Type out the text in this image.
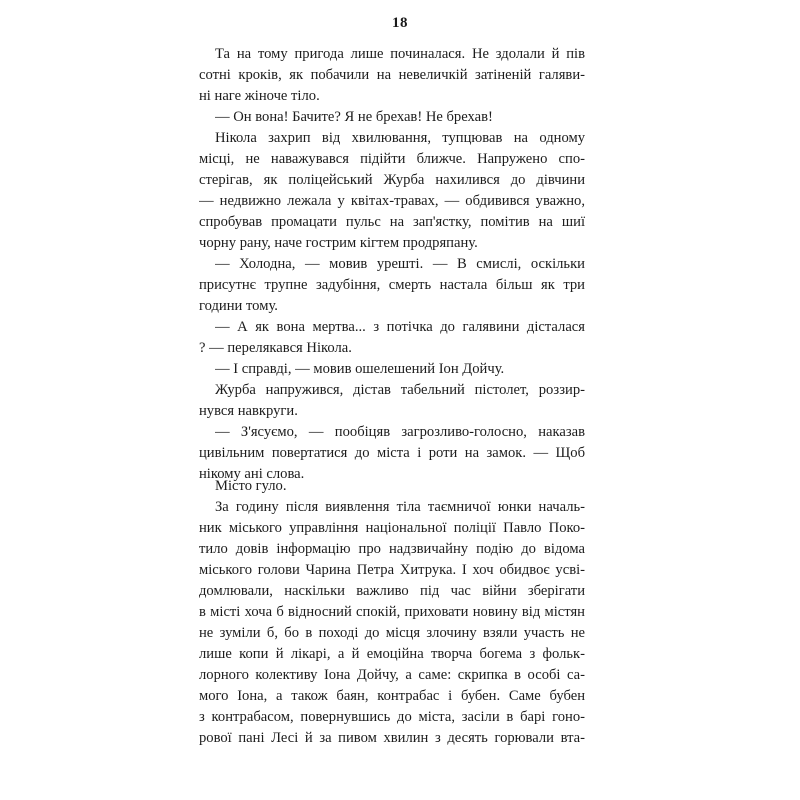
18
Та на тому пригода лише починалася. Не здолали й пів
сотні кроків, як побачили на невеличкій затіненій галяви-
ні наге жіноче тіло.
— Он вона! Бачите? Я не брехав! Не брехав!
Нікола захрип від хвилювання, тупцював на одному
місці, не наважувався підійти ближче. Напружено спо-
стерігав, як поліцейський Журба нахилився до дівчини
— недвижно лежала у квітах-травах, — обдивився уважно,
спробував промацати пульс на зап'ястку, помітив на шиї
чорну рану, наче гострим кігтем продряпану.
— Холодна, — мовив урешті. — В смислі, оскільки
присутнє трупне задубіння, смерть настала більш як три
години тому.
— А як вона мертва... з потічка до галявини дісталася
? — перелякався Нікола.
— І справді, — мовив ошелешений Іон Дойчу.
Журба напружився, дістав табельний пістолет, роззир-
нувся навкруги.
— З'ясуємо, — пообіцяв загрозливо-голосно, наказав
цивільним повертатися до міста і роти на замок. — Щоб
нікому ані слова.
Місто гуло.
За годину після виявлення тіла таємничої юнки началь-
ник міського управління національної поліції Павло Поко-
тило довів інформацію про надзвичайну подію до відома
міського голови Чарина Петра Хитрука. І хоч обидвоє усві-
домлювали, наскільки важливо під час війни зберігати
в місті хоча б відносний спокій, приховати новину від містян
не зуміли б, бо в поході до місця злочину взяли участь не
лише копи й лікарі, а й емоційна творча богема з фольк-
лорного колективу Іона Дойчу, а саме: скрипка в особі са-
мого Іона, а також баян, контрабас і бубен. Саме бубен
з контрабасом, повернувшись до міста, засіли в барі гоно-
рової пані Лесі й за пивом хвилин з десять горювали вта-
